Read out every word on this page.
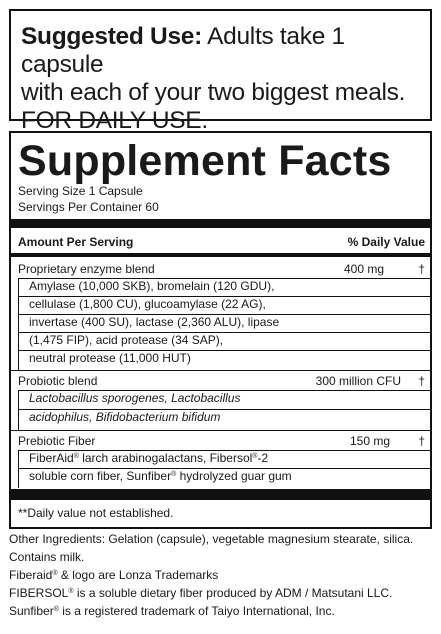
Suggested Use: Adults take 1 capsule
with each of your two biggest meals.
FOR DAILY USE.
Supplement Facts
Serving Size 1 Capsule
Servings Per Container 60
Amount Per Serving	% Daily Value
Proprietary enzyme blend	400 mg	†
Amylase (10,000 SKB), bromelain (120 GDU),
cellulase (1,800 CU), glucoamylase (22 AG),
invertase (400 SU), lactase (2,360 ALU), lipase
(1,475 FIP), acid protease (34 SAP),
neutral protease (11,000 HUT)
Probiotic blend	300 million CFU †
Lactobacillus sporogenes, Lactobacillus
acidophilus, Bifidobacterium bifidum
Prebiotic Fiber	150 mg †
FiberAid® larch arabinogalactans, Fibersol®-2
soluble corn fiber, Sunfiber® hydrolyzed guar gum
**Daily value not established.
Other Ingredients: Gelation (capsule), vegetable magnesium stearate, silica.
Contains milk.
Fiberaid® & logo are Lonza Trademarks
FIBERSOL® is a soluble dietary fiber produced by ADM / Matsutani LLC.
Sunfiber® is a registered trademark of Taiyo International, Inc.
